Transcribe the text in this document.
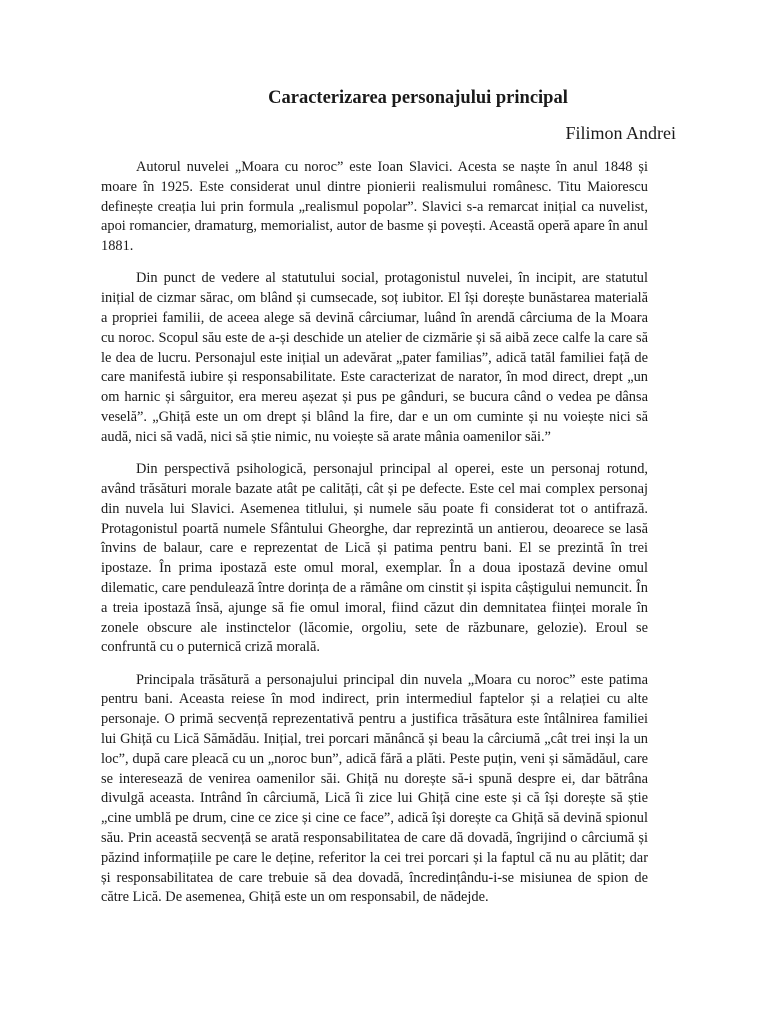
Caracterizarea personajului principal
Filimon Andrei

Autorul nuvelei „Moara cu noroc” este Ioan Slavici. Acesta se naște în anul 1848 și moare în 1925. Este considerat unul dintre pionierii realismului românesc. Titu Maiorescu definește creația lui prin formula „realismul popolar”. Slavici s-a remarcat inițial ca nuvelist, apoi romancier, dramaturg, memorialist, autor de basme și povești. Această operă apare în anul 1881.

Din punct de vedere al statutului social, protagonistul nuvelei, în incipit, are statutul inițial de cizmar sărac, om blând și cumsecade, soț iubitor. El își dorește bunăstarea materială a propriei familii, de aceea alege să devină cârciumar, luând în arendă cârciuma de la Moara cu noroc. Scopul său este de a-și deschide un atelier de cizmărie și să aibă zece calfe la care să le dea de lucru. Personajul este inițial un adevărat „pater familias”, adică tatăl familiei față de care manifestă iubire și responsabilitate. Este caracterizat de narator, în mod direct, drept „un om harnic și sârguitor, era mereu așezat și pus pe gânduri, se bucura când o vedea pe dânsa veselă”. „Ghiță este un om drept și blând la fire, dar e un om cuminte și nu voiește nici să audă, nici să vadă, nici să știe nimic, nu voiește să arate mânia oamenilor săi.”

Din perspectivă psihologică, personajul principal al operei, este un personaj rotund, având trăsături morale bazate atât pe calități, cât și pe defecte. Este cel mai complex personaj din nuvela lui Slavici. Asemenea titlului, și numele său poate fi considerat tot o antifrază. Protagonistul poartă numele Sfântului Gheorghe, dar reprezintă un antierou, deoarece se lasă învins de balaur, care e reprezentat de Lică și patima pentru bani. El se prezintă în trei ipostaze. În prima ipostază este omul moral, exemplar. În a doua ipostază devine omul dilematic, care pendulează între dorința de a rămâne om cinstit și ispita câștigului nemuncit. În a treia ipostază însă, ajunge să fie omul imoral, fiind căzut din demnitatea ființei morale în zonele obscure ale instinctelor (lăcomie, orgoliu, sete de răzbunare, gelozie). Eroul se confruntă cu o puternică criză morală.

Principala trăsătură a personajului principal din nuvela „Moara cu noroc” este patima pentru bani. Aceasta reiese în mod indirect, prin intermediul faptelor și a relației cu alte personaje. O primă secvență reprezentativă pentru a justifica trăsătura este întâlnirea familiei lui Ghiță cu Lică Sămădău. Inițial, trei porcari mănâncă și beau la cârciumă „cât trei inși la un loc”, după care pleacă cu un „noroc bun”, adică fără a plăti. Peste puțin, veni și sămădăul, care se interesează de venirea oamenilor săi. Ghiță nu dorește să-i spună despre ei, dar bătrâna divulgă aceasta. Intrând în cârciumă, Lică îi zice lui Ghiță cine este și că își dorește să știe „cine umblă pe drum, cine ce zice și cine ce face”, adică își dorește ca Ghiță să devină spionul său. Prin această secvență se arată responsabilitatea de care dă dovadă, îngrijind o cârciumă și păzind informațiile pe care le deține, referitor la cei trei porcari și la faptul că nu au plătit; dar și responsabilitatea de care trebuie să dea dovadă, încredințându-i-se misiunea de spion de către Lică. De asemenea, Ghiță este un om responsabil, de nădejde.
